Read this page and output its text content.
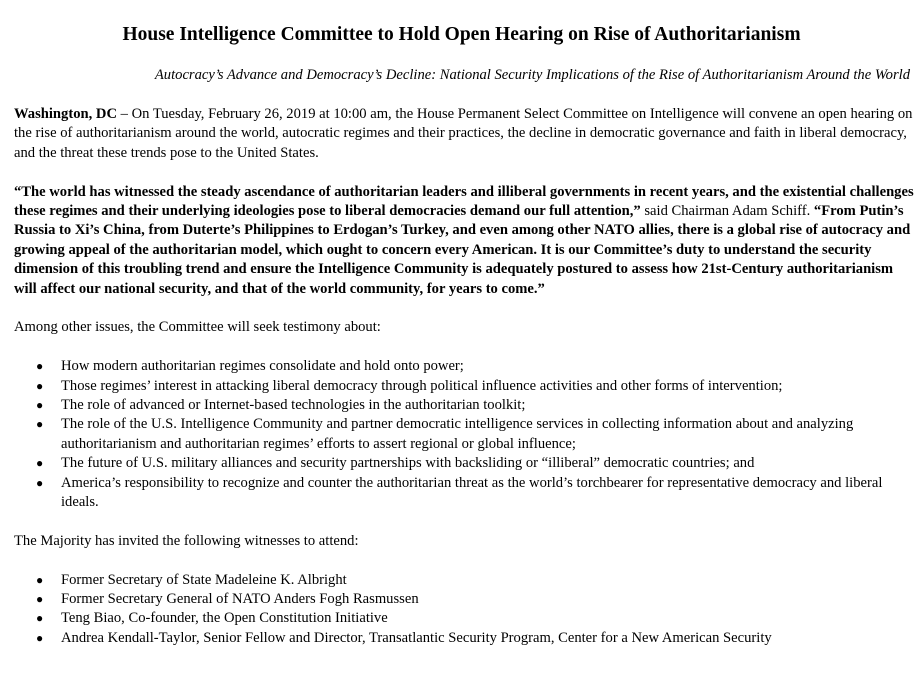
House Intelligence Committee to Hold Open Hearing on Rise of Authoritarianism

Autocracy’s Advance and Democracy’s Decline: National Security Implications of the Rise of Authoritarianism Around the World

Washington, DC – On Tuesday, February 26, 2019 at 10:00 am, the House Permanent Select Committee on Intelligence will convene an open hearing on the rise of authoritarianism around the world, autocratic regimes and their practices, the decline in democratic governance and faith in liberal democracy, and the threat these trends pose to the United States.

“The world has witnessed the steady ascendance of authoritarian leaders and illiberal governments in recent years, and the existential challenges these regimes and their underlying ideologies pose to liberal democracies demand our full attention,” said Chairman Adam Schiff. “From Putin’s Russia to Xi’s China, from Duterte’s Philippines to Erdogan’s Turkey, and even among other NATO allies, there is a global rise of autocracy and growing appeal of the authoritarian model, which ought to concern every American. It is our Committee’s duty to understand the security dimension of this troubling trend and ensure the Intelligence Community is adequately postured to assess how 21st-Century authoritarianism will affect our national security, and that of the world community, for years to come.”

Among other issues, the Committee will seek testimony about:

● How modern authoritarian regimes consolidate and hold onto power;
● Those regimes’ interest in attacking liberal democracy through political influence activities and other forms of intervention;
● The role of advanced or Internet-based technologies in the authoritarian toolkit;
● The role of the U.S. Intelligence Community and partner democratic intelligence services in collecting information about and analyzing authoritarianism and authoritarian regimes’ efforts to assert regional or global influence;
● The future of U.S. military alliances and security partnerships with backsliding or “illiberal” democratic countries; and
● America’s responsibility to recognize and counter the authoritarian threat as the world’s torchbearer for representative democracy and liberal ideals.

The Majority has invited the following witnesses to attend:

● Former Secretary of State Madeleine K. Albright
● Former Secretary General of NATO Anders Fogh Rasmussen
● Teng Biao, Co-founder, the Open Constitution Initiative
● Andrea Kendall-Taylor, Senior Fellow and Director, Transatlantic Security Program, Center for a New American Security
